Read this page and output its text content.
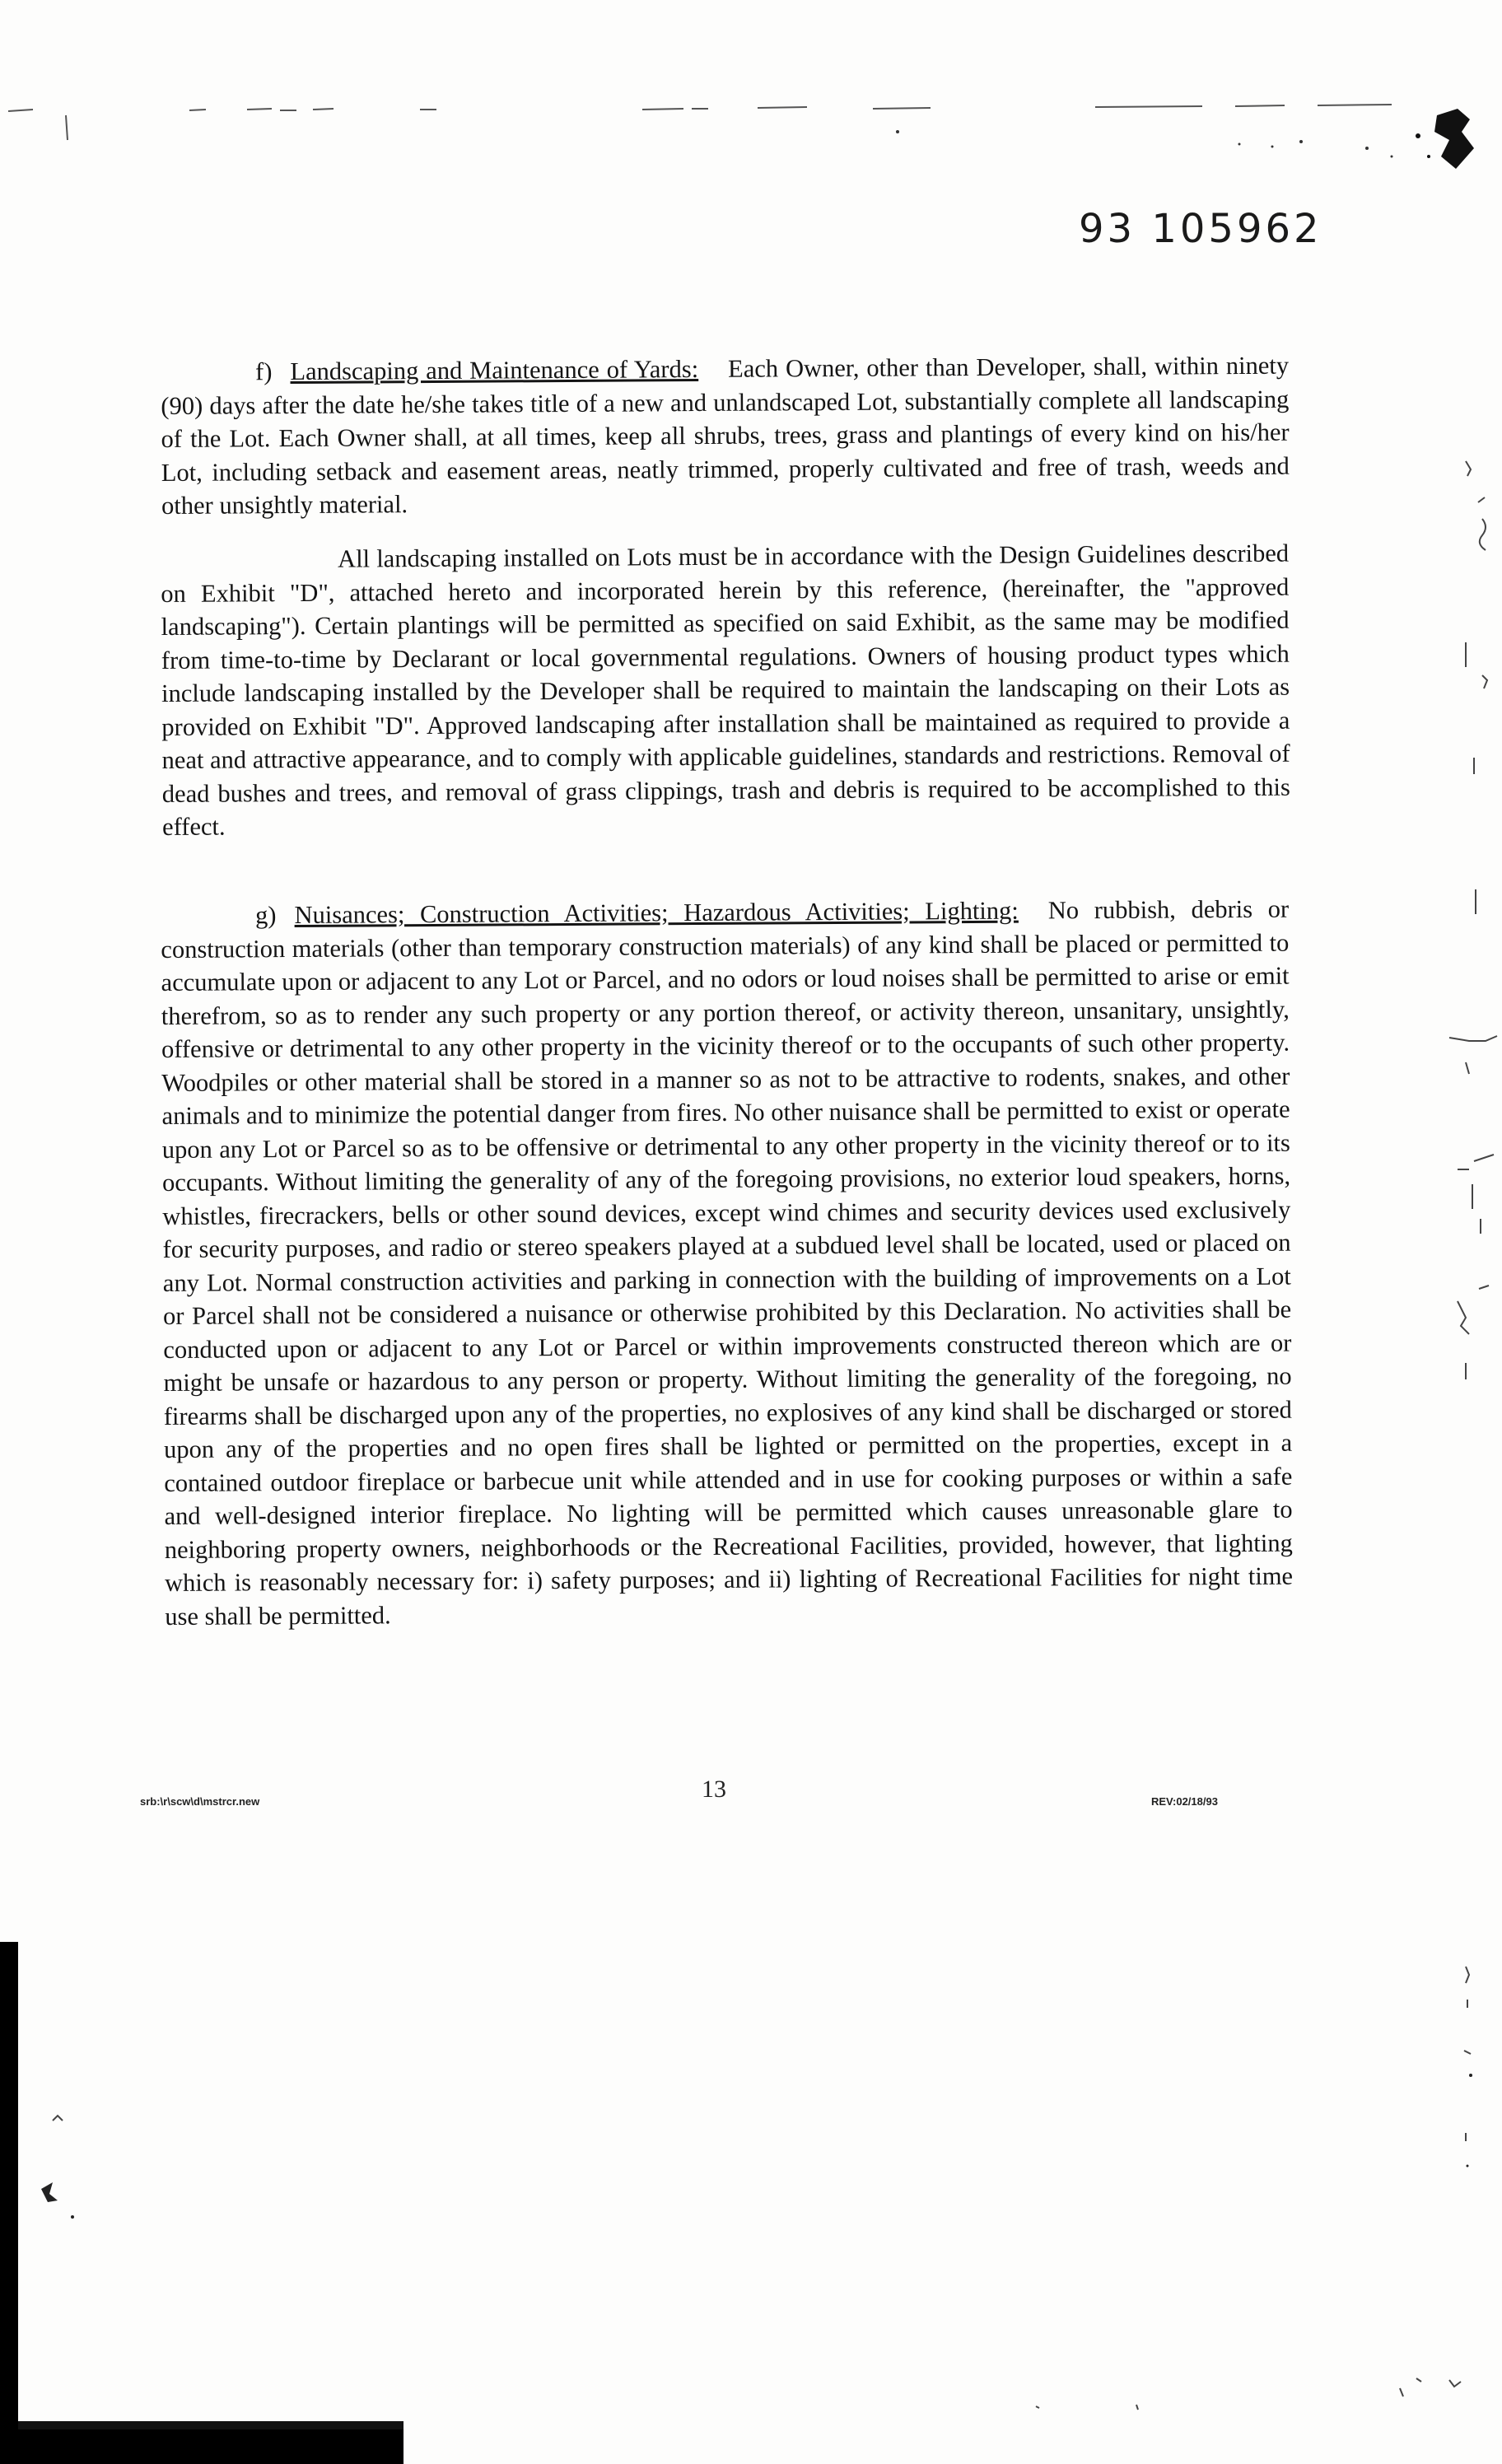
93 105962

f) Landscaping and Maintenance of Yards: Each Owner, other than Developer, shall, within ninety (90) days after the date he/she takes title of a new and unlandscaped Lot, substantially complete all landscaping of the Lot. Each Owner shall, at all times, keep all shrubs, trees, grass and plantings of every kind on his/her Lot, including setback and easement areas, neatly trimmed, properly cultivated and free of trash, weeds and other unsightly material.

All landscaping installed on Lots must be in accordance with the Design Guidelines described on Exhibit "D", attached hereto and incorporated herein by this reference, (hereinafter, the "approved landscaping"). Certain plantings will be permitted as specified on said Exhibit, as the same may be modified from time-to-time by Declarant or local governmental regulations. Owners of housing product types which include landscaping installed by the Developer shall be required to maintain the landscaping on their Lots as provided on Exhibit "D". Approved landscaping after installation shall be maintained as required to provide a neat and attractive appearance, and to comply with applicable guidelines, standards and restrictions. Removal of dead bushes and trees, and removal of grass clippings, trash and debris is required to be accomplished to this effect.

g) Nuisances; Construction Activities; Hazardous Activities; Lighting: No rubbish, debris or construction materials (other than temporary construction materials) of any kind shall be placed or permitted to accumulate upon or adjacent to any Lot or Parcel, and no odors or loud noises shall be permitted to arise or emit therefrom, so as to render any such property or any portion thereof, or activity thereon, unsanitary, unsightly, offensive or detrimental to any other property in the vicinity thereof or to the occupants of such other property. Woodpiles or other material shall be stored in a manner so as not to be attractive to rodents, snakes, and other animals and to minimize the potential danger from fires. No other nuisance shall be permitted to exist or operate upon any Lot or Parcel so as to be offensive or detrimental to any other property in the vicinity thereof or to its occupants. Without limiting the generality of any of the foregoing provisions, no exterior loud speakers, horns, whistles, firecrackers, bells or other sound devices, except wind chimes and security devices used exclusively for security purposes, and radio or stereo speakers played at a subdued level shall be located, used or placed on any Lot. Normal construction activities and parking in connection with the building of improvements on a Lot or Parcel shall not be considered a nuisance or otherwise prohibited by this Declaration. No activities shall be conducted upon or adjacent to any Lot or Parcel or within improvements constructed thereon which are or might be unsafe or hazardous to any person or property. Without limiting the generality of the foregoing, no firearms shall be discharged upon any of the properties, no explosives of any kind shall be discharged or stored upon any of the properties and no open fires shall be lighted or permitted on the properties, except in a contained outdoor fireplace or barbecue unit while attended and in use for cooking purposes or within a safe and well-designed interior fireplace. No lighting will be permitted which causes unreasonable glare to neighboring property owners, neighborhoods or the Recreational Facilities, provided, however, that lighting which is reasonably necessary for: i) safety purposes; and ii) lighting of Recreational Facilities for night time use shall be permitted.

srb:\r\scw\d\mstrcr.new	13	REV:02/18/93
